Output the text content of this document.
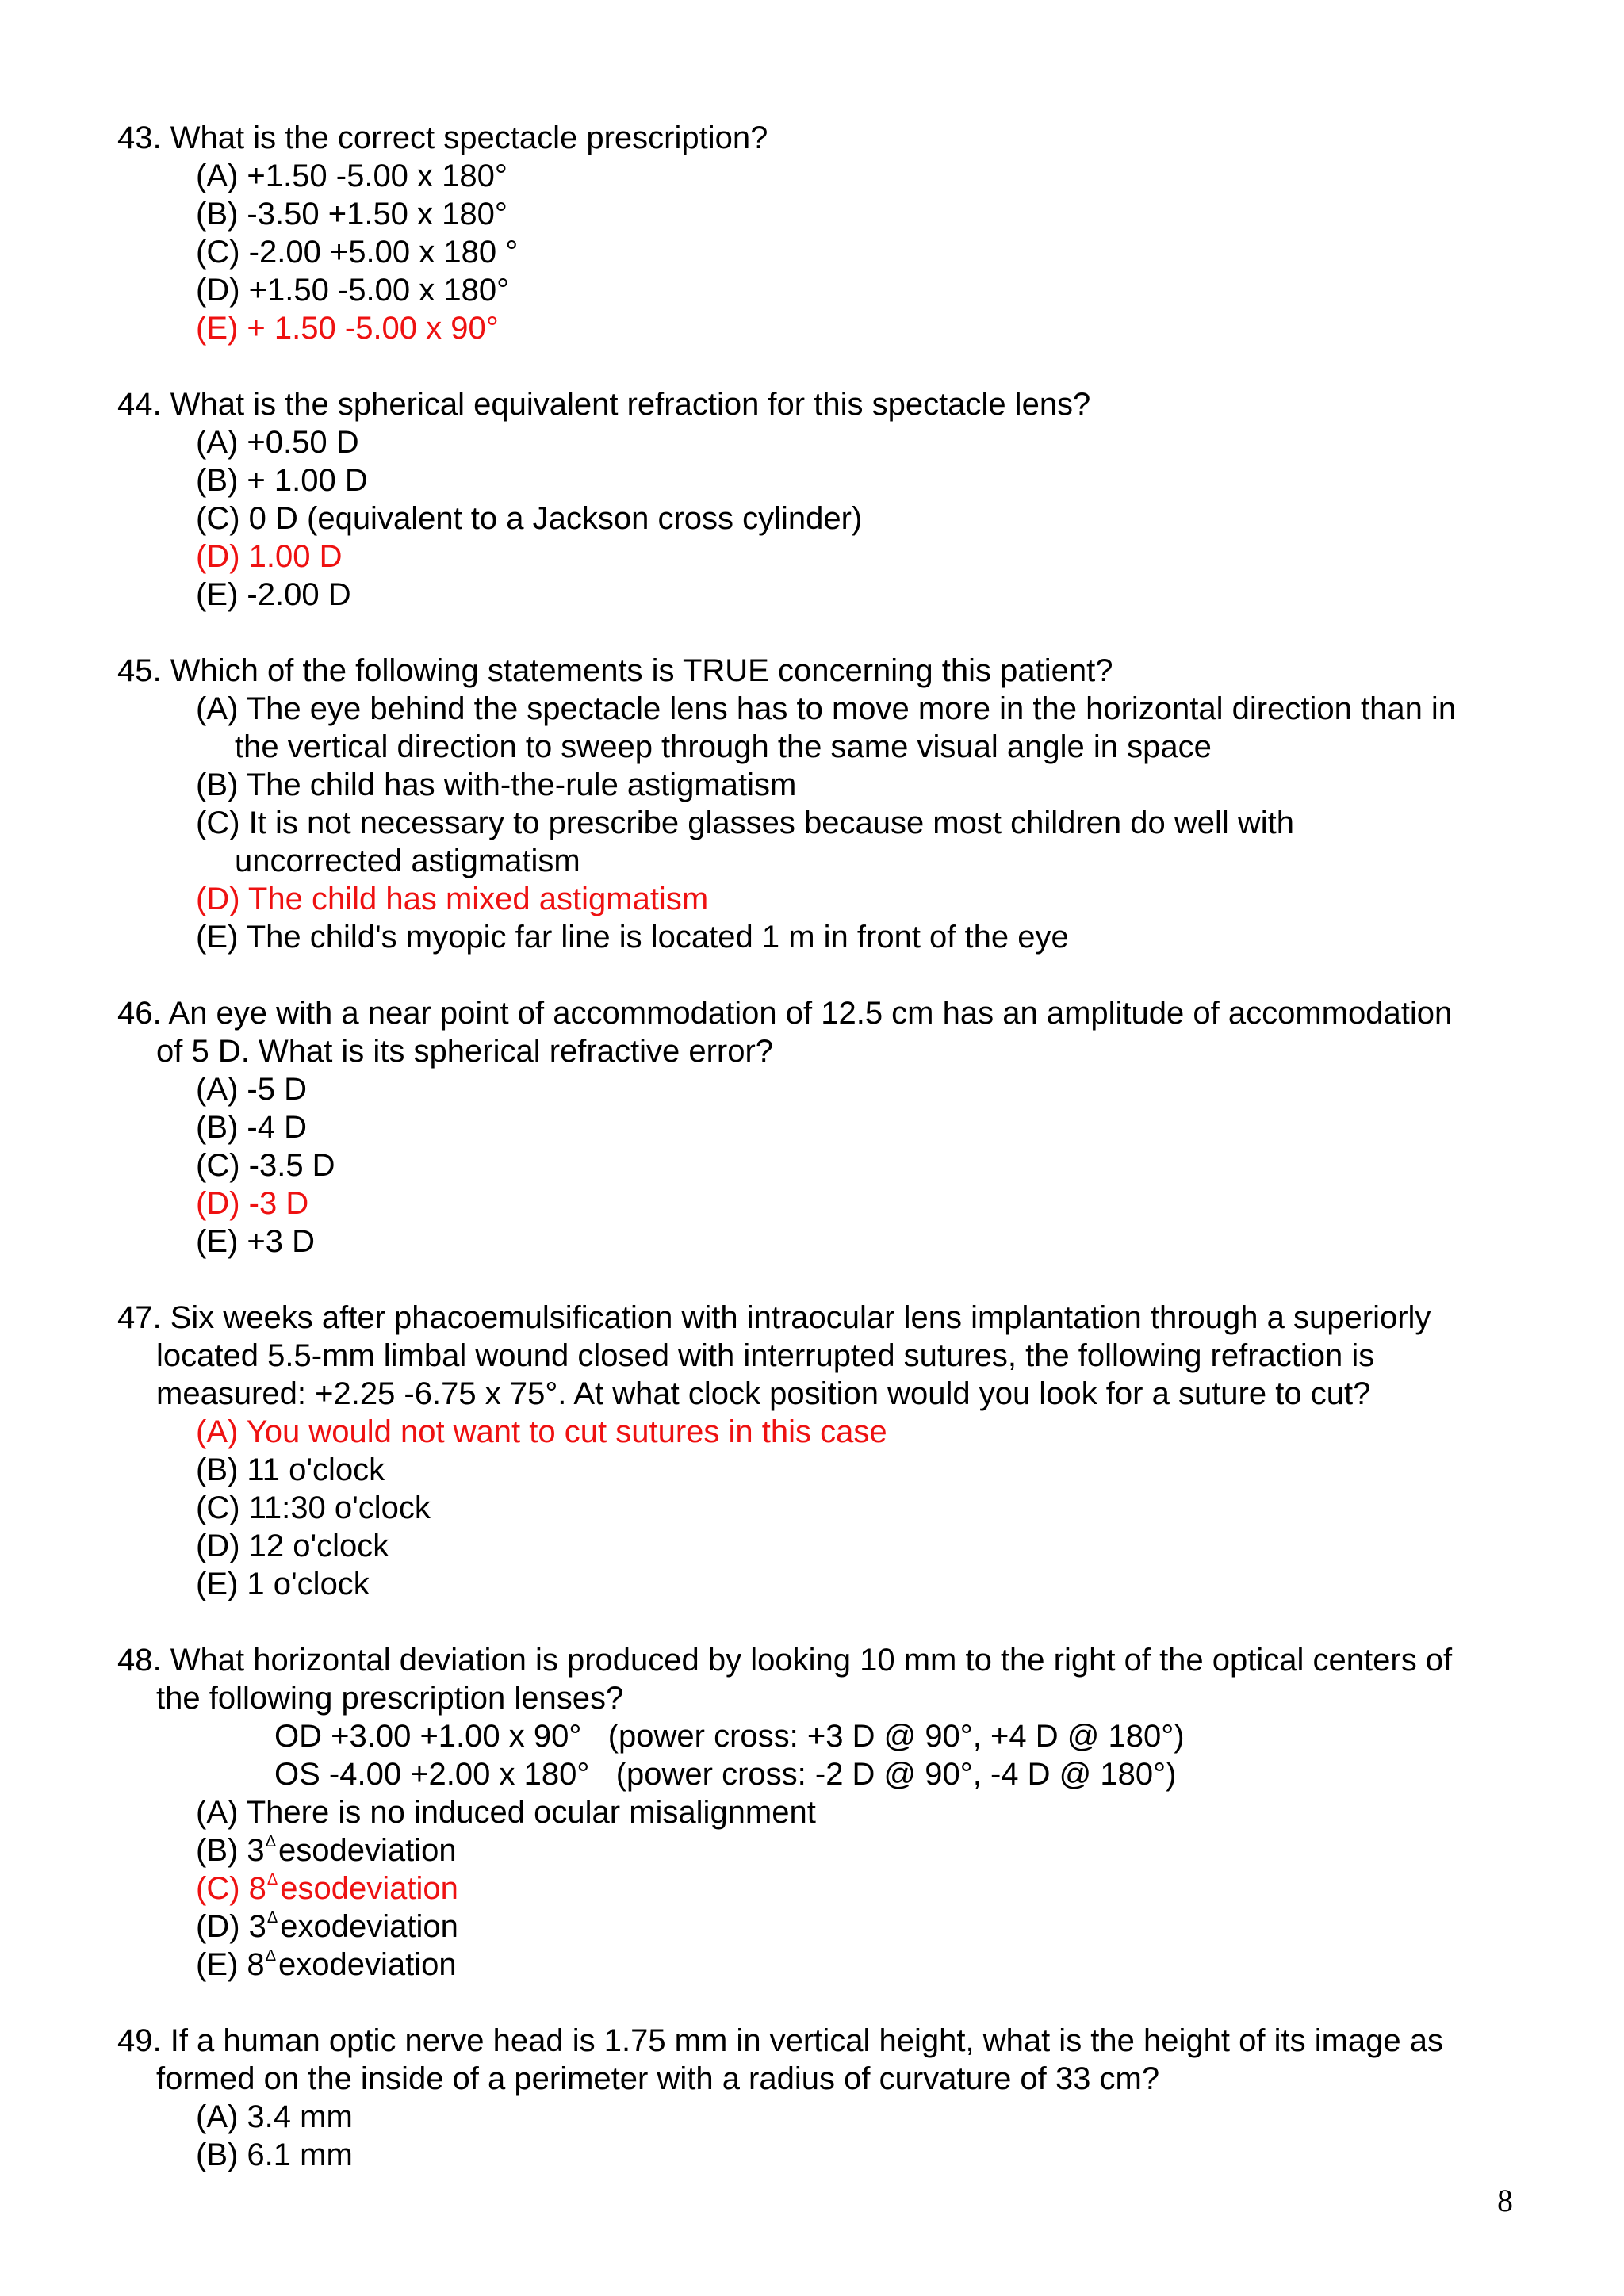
43. What is the correct spectacle prescription?
(A) +1.50 -5.00 x 180°
(B) -3.50 +1.50 x 180°
(C) -2.00 +5.00 x 180 °
(D) +1.50 -5.00 x 180°
(E) + 1.50 -5.00 x 90°
44. What is the spherical equivalent refraction for this spectacle lens?
(A) +0.50 D
(B) + 1.00 D
(C) 0 D (equivalent to a Jackson cross cylinder)
(D) 1.00 D
(E) -2.00 D
45. Which of the following statements is TRUE concerning this patient?
(A) The eye behind the spectacle lens has to move more in the horizontal direction than in
the vertical direction to sweep through the same visual angle in space
(B) The child has with-the-rule astigmatism
(C) It is not necessary to prescribe glasses because most children do well with
uncorrected astigmatism
(D) The child has mixed astigmatism
(E) The child's myopic far line is located 1 m in front of the eye
46. An eye with a near point of accommodation of 12.5 cm has an amplitude of accommodation
of 5 D. What is its spherical refractive error?
(A) -5 D
(B) -4 D
(C) -3.5 D
(D) -3 D
(E) +3 D
47. Six weeks after phacoemulsification with intraocular lens implantation through a superiorly
located 5.5-mm limbal wound closed with interrupted sutures, the following refraction is
measured: +2.25 -6.75 x 75°. At what clock position would you look for a suture to cut?
(A) You would not want to cut sutures in this case
(B) 11 o'clock
(C) 11:30 o'clock
(D) 12 o'clock
(E) 1 o'clock
48. What horizontal deviation is produced by looking 10 mm to the right of the optical centers of
the following prescription lenses?
OD +3.00 +1.00 x 90°   (power cross: +3 D @ 90°, +4 D @ 180°)
OS -4.00 +2.00 x 180°   (power cross: -2 D @ 90°, -4 D @ 180°)
(A) There is no induced ocular misalignment
(B) $3^\Delta esodeviation$
(C) $8^\Delta esodeviation$
(D) $3^\Delta exodeviation$
(E) $8^\Delta exodeviation$
49. If a human optic nerve head is 1.75 mm in vertical height, what is the height of its image as
formed on the inside of a perimeter with a radius of curvature of 33 cm?
(A) 3.4 mm
(B) 6.1 mm
8
